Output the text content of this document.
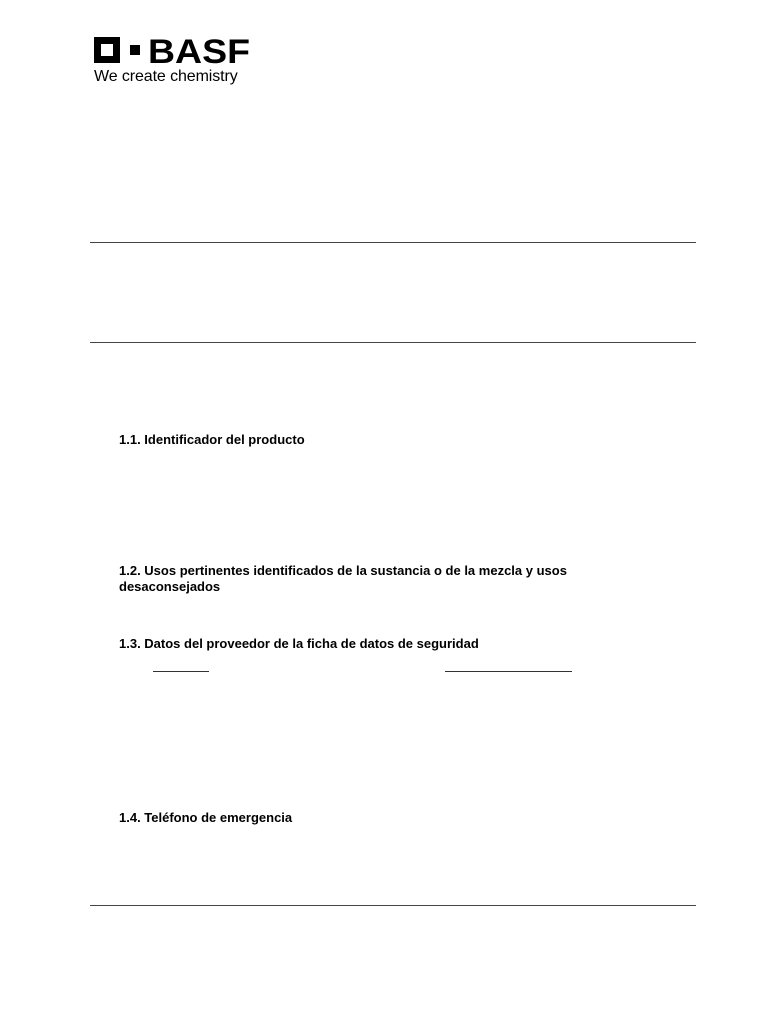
BASF
We create chemistry

1.1. Identificador del producto

1.2. Usos pertinentes identificados de la sustancia o de la mezcla y usos desaconsejados

1.3. Datos del proveedor de la ficha de datos de seguridad

1.4. Teléfono de emergencia
